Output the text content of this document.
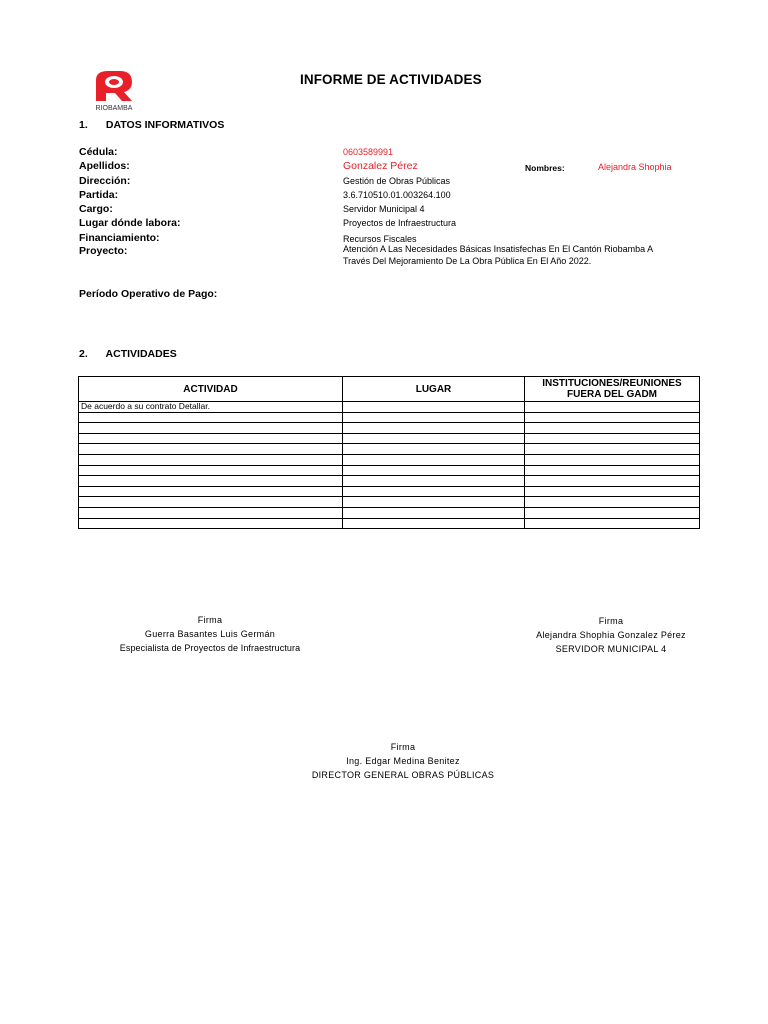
RIOBAMBA
INFORME DE ACTIVIDADES
1. DATOS INFORMATIVOS
Cédula:	0603589991
Apellidos:	Gonzalez Pérez	Nombres:	Alejandra Shophia
Dirección:	Gestión de Obras Públicas
Partida:	3.6.710510.01.003264.100
Cargo:	Servidor Municipal 4
Lugar dónde labora:	Proyectos de Infraestructura
Financiamiento:	Recursos Fiscales
Proyecto:	Atención A Las Necesidades Básicas Insatisfechas En El Cantón Riobamba A
Través Del Mejoramiento De La Obra Pública En El Año 2022.
Período Operativo de Pago:
2. ACTIVIDADES
ACTIVIDAD	LUGAR	INSTITUCIONES/REUNIONES FUERA DEL GADM
De acuerdo a su contrato Detallar.		

Firma
Guerra Basantes Luis Germán
Especialista de Proyectos de Infraestructura
Firma
Alejandra Shophia Gonzalez Pérez
SERVIDOR MUNICIPAL 4
Firma
Ing. Edgar Medina Benitez
DIRECTOR GENERAL OBRAS PÚBLICAS
